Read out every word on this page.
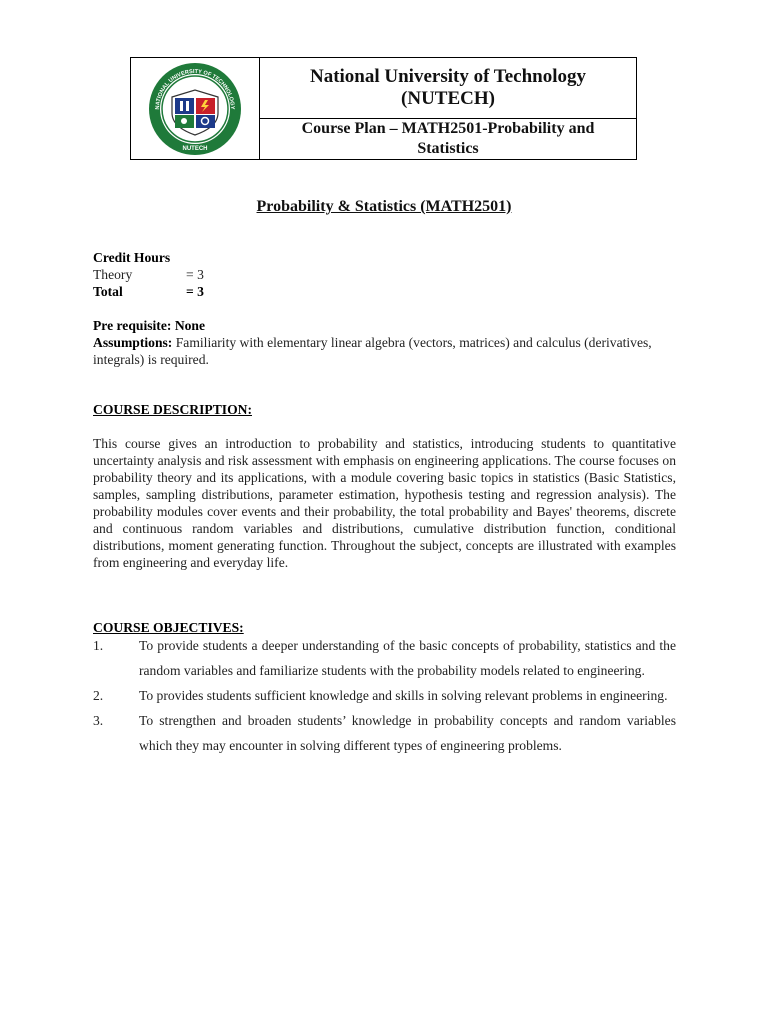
NUTECH
NATIONAL UNIVERSITY OF TECHNOLOGY
National University of Technology
(NUTECH)
Course Plan – MATH2501-Probability and
Statistics
Probability & Statistics (MATH2501)
Credit Hours
Theory	= 3
Total	= 3
Pre requisite: None
Assumptions: Familiarity with elementary linear algebra (vectors, matrices) and calculus (derivatives, integrals) is required.
COURSE DESCRIPTION:
This course gives an introduction to probability and statistics, introducing students to quantitative uncertainty analysis and risk assessment with emphasis on engineering applications. The course focuses on probability theory and its applications, with a module covering basic topics in statistics (Basic Statistics, samples, sampling distributions, parameter estimation, hypothesis testing and regression analysis). The probability modules cover events and their probability, the total probability and Bayes' theorems, discrete and continuous random variables and distributions, cumulative distribution function, conditional distributions, moment generating function. Throughout the subject, concepts are illustrated with examples from engineering and everyday life.
COURSE OBJECTIVES:
1.	To provide students a deeper understanding of the basic concepts of probability, statistics and the random variables and familiarize students with the probability models related to engineering.
2.	To provides students sufficient knowledge and skills in solving relevant problems in engineering.
3.	To strengthen and broaden students’ knowledge in probability concepts and random variables which they may encounter in solving different types of engineering problems.
